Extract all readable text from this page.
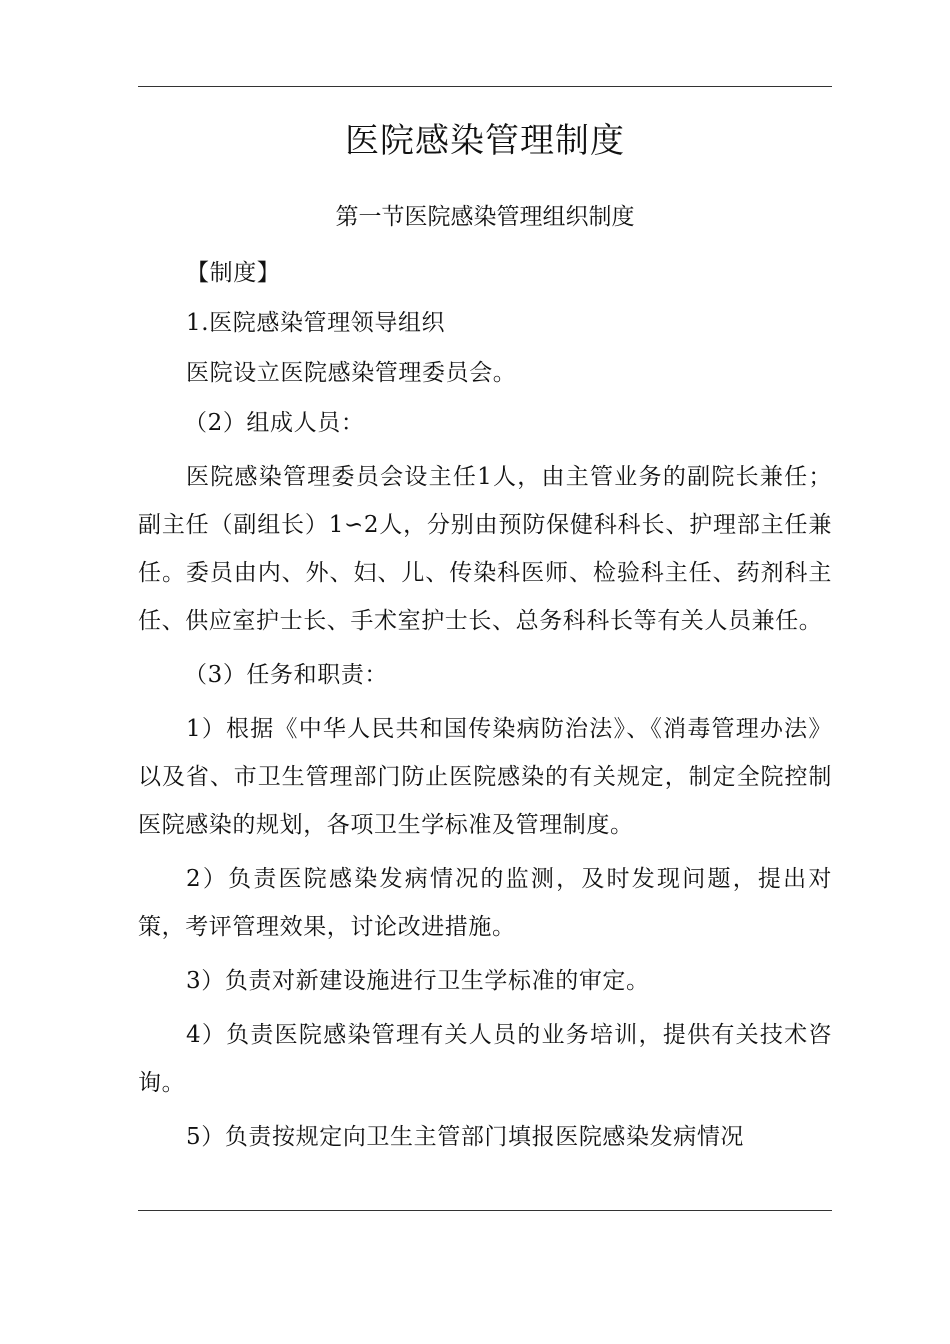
医院感染管理制度
第一节医院感染管理组织制度

【制度】

1.医院感染管理领导组织

医院设立医院感染管理委员会。

（2）组成人员：

医院感染管理委员会设主任1人，由主管业务的副院长兼任；副主任（副组长）1∽2人，分别由预防保健科科长、护理部主任兼任。委员由内、外、妇、儿、传染科医师、检验科主任、药剂科主任、供应室护士长、手术室护士长、总务科科长等有关人员兼任。

（3）任务和职责：

1）根据《中华人民共和国传染病防治法》、《消毒管理办法》以及省、市卫生管理部门防止医院感染的有关规定，制定全院控制医院感染的规划，各项卫生学标准及管理制度。

2）负责医院感染发病情况的监测，及时发现问题，提出对策，考评管理效果，讨论改进措施。

3）负责对新建设施进行卫生学标准的审定。

4）负责医院感染管理有关人员的业务培训，提供有关技术咨询。

5）负责按规定向卫生主管部门填报医院感染发病情况
